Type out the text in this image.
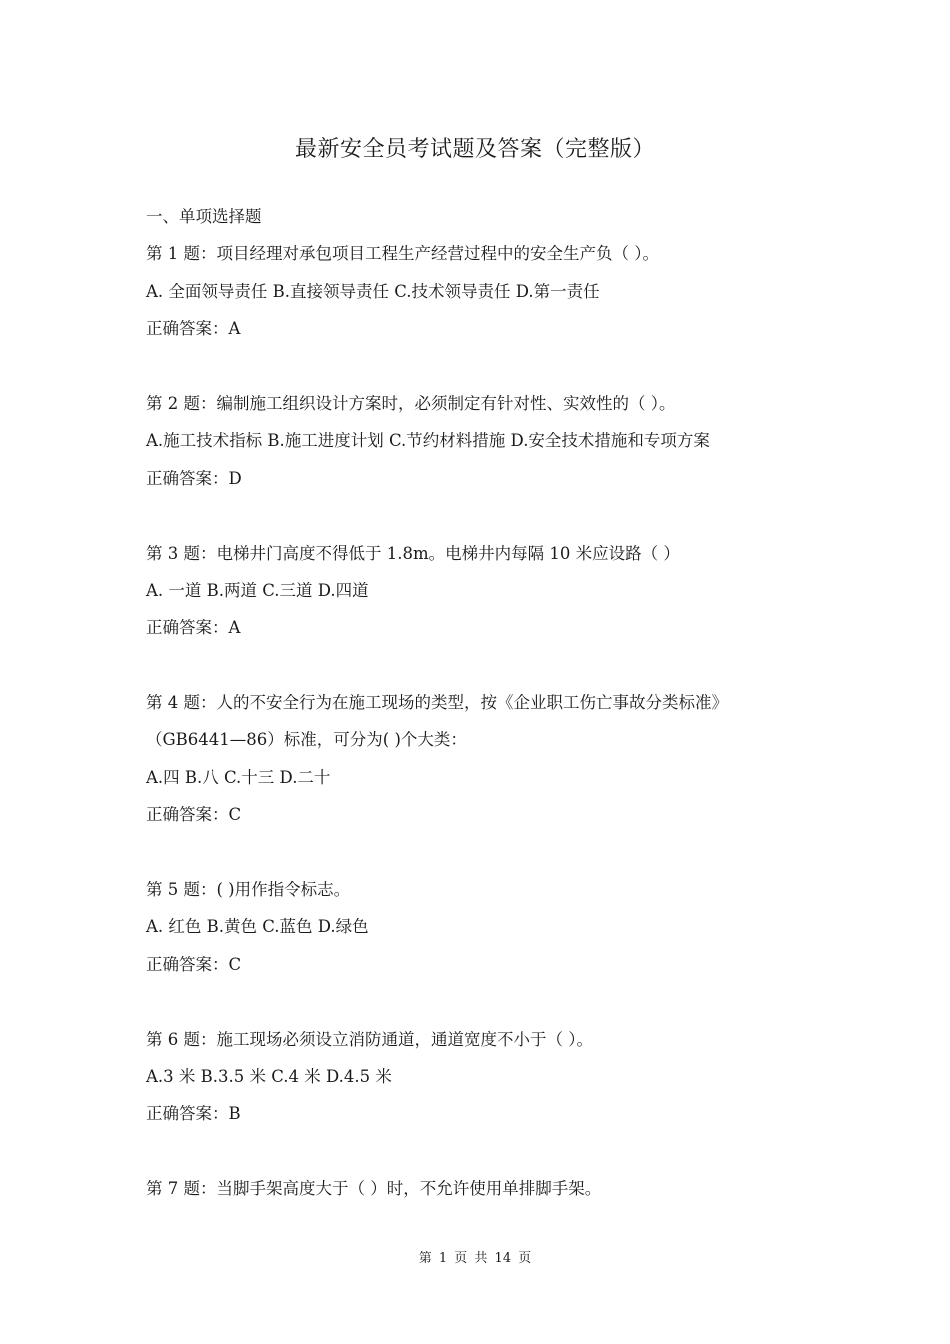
最新安全员考试题及答案（完整版）
一、单项选择题
第 1 题：项目经理对承包项目工程生产经营过程中的安全生产负（ ）。
A. 全面领导责任 B.直接领导责任 C.技术领导责任 D.第一责任
正确答案：A
第 2 题：编制施工组织设计方案时，必须制定有针对性、实效性的（ ）。
A.施工技术指标 B.施工进度计划 C.节约材料措施 D.安全技术措施和专项方案
正确答案：D
第 3 题：电梯井门高度不得低于 1.8m。电梯井内每隔 10 米应设路（ ）
A. 一道 B.两道 C.三道 D.四道
正确答案：A
第 4 题：人的不安全行为在施工现场的类型，按《企业职工伤亡事故分类标准》
（GB6441—86）标准，可分为( )个大类：
A.四 B.八 C.十三 D.二十
正确答案：C
第 5 题：( )用作指令标志。
A. 红色 B.黄色 C.蓝色 D.绿色
正确答案：C
第 6 题：施工现场必须设立消防通道，通道宽度不小于（ ）。
A.3 米 B.3.5 米 C.4 米 D.4.5 米
正确答案：B
第 7 题：当脚手架高度大于（ ）时，不允许使用单排脚手架。
第 1 页 共 14 页
